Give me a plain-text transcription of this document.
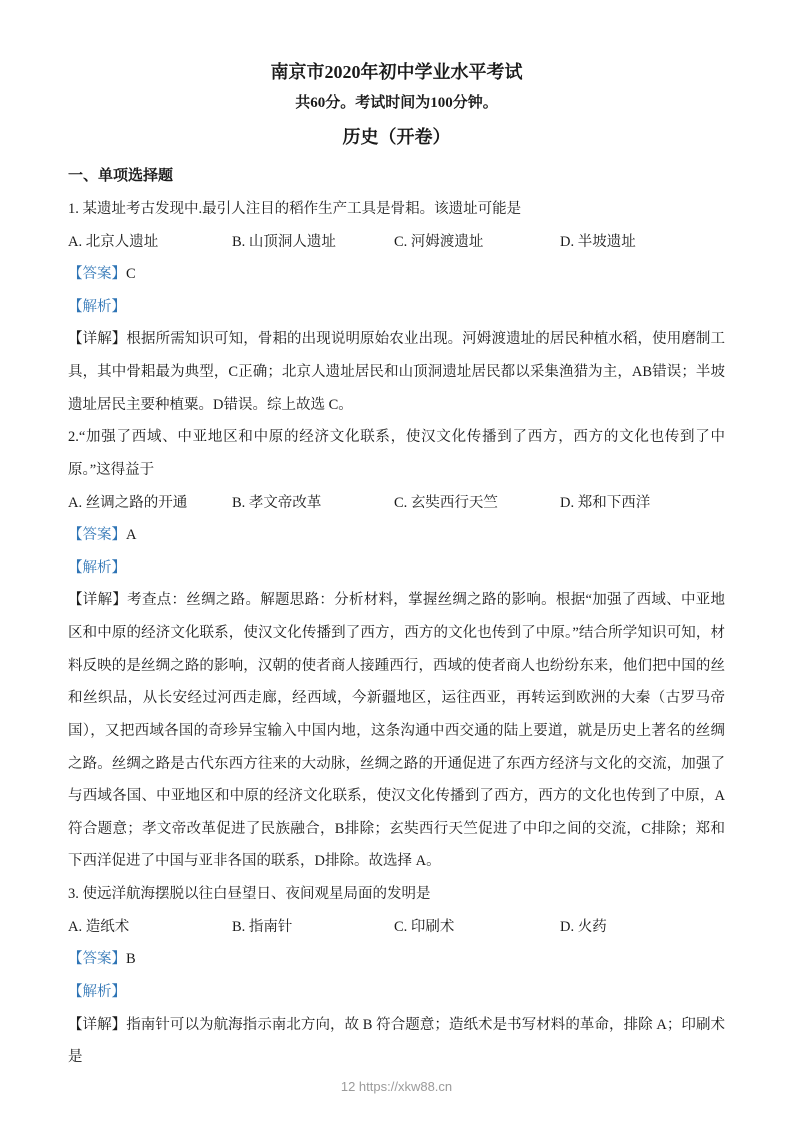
南京市2020年初中学业水平考试
共60分。考试时间为100分钟。
历史（开卷）
一、单项选择题

1. 某遗址考古发现中.最引人注目的稻作生产工具是骨耜。该遗址可能是

A. 北京人遗址	B. 山顶洞人遗址	C. 河姆渡遗址	D. 半坡遗址

【答案】C

【解析】

【详解】根据所需知识可知，骨耜的出现说明原始农业出现。河姆渡遗址的居民种植水稻，使用磨制工具，其中骨耜最为典型，C正确；北京人遗址居民和山顶洞遗址居民都以采集渔猎为主，AB错误；半坡遗址居民主要种植粟。D错误。综上故选 C。

2.“加强了西域、中亚地区和中原的经济文化联系，使汉文化传播到了西方，西方的文化也传到了中原。”这得益于

A. 丝调之路的开通	B. 孝文帝改革	C. 玄奘西行天竺	D. 郑和下西洋

【答案】A

【解析】

【详解】考查点：丝绸之路。解题思路：分析材料，掌握丝绸之路的影响。根据“加强了西域、中亚地区和中原的经济文化联系，使汉文化传播到了西方，西方的文化也传到了中原。”结合所学知识可知，材料反映的是丝绸之路的影响，汉朝的使者商人接踵西行，西域的使者商人也纷纷东来，他们把中国的丝和丝织品，从长安经过河西走廊，经西域，今新疆地区，运往西亚，再转运到欧洲的大秦（古罗马帝国），又把西域各国的奇珍异宝输入中国内地，这条沟通中西交通的陆上要道，就是历史上著名的丝绸之路。丝绸之路是古代东西方往来的大动脉，丝绸之路的开通促进了东西方经济与文化的交流，加强了与西域各国、中亚地区和中原的经济文化联系，使汉文化传播到了西方，西方的文化也传到了中原，A符合题意；孝文帝改革促进了民族融合，B排除；玄奘西行天竺促进了中印之间的交流，C排除；郑和下西洋促进了中国与亚非各国的联系，D排除。故选择 A。

3. 使远洋航海摆脱以往白昼望日、夜间观星局面的发明是

A. 造纸术	B. 指南针	C. 印刷术	D. 火药

【答案】B

【解析】

【详解】指南针可以为航海指示南北方向，故 B 符合题意；造纸术是书写材料的革命，排除 A；印刷术是

12 https://xkw88.cn
